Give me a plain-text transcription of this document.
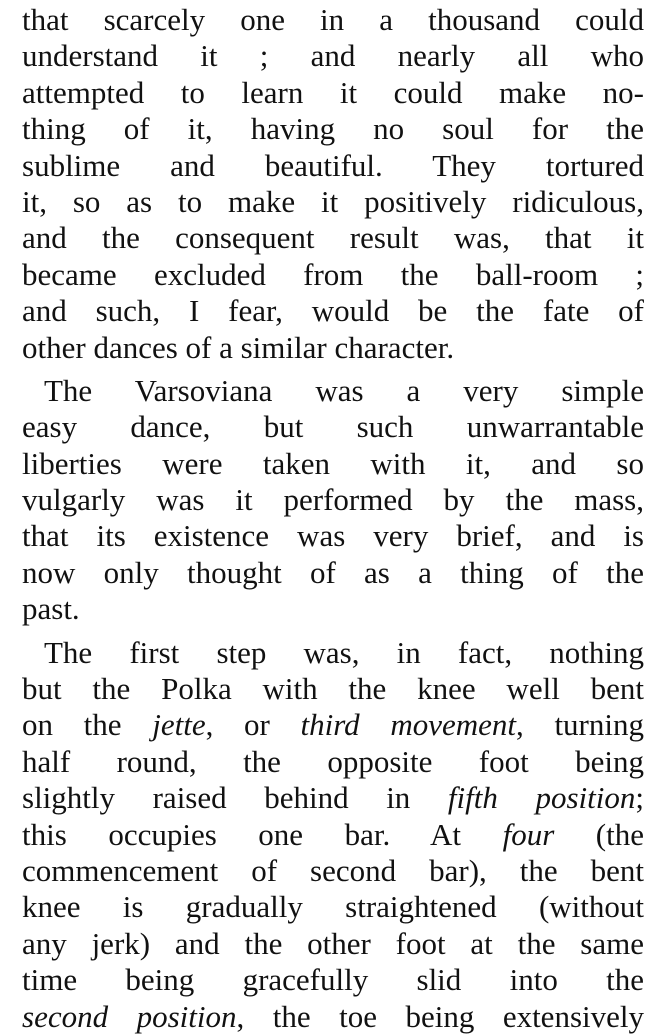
that scarcely one in a thousand could
understand it ; and nearly all who
attempted to learn it could make no-
thing of it, having no soul for the
sublime and beautiful. They tortured
it, so as to make it positively ridiculous,
and the consequent result was, that it
became excluded from the ball-room ;
and such, I fear, would be the fate of
other dances of a similar character.

The Varsoviana was a very simple
easy dance, but such unwarrantable
liberties were taken with it, and so
vulgarly was it performed by the mass,
that its existence was very brief, and is
now only thought of as a thing of the
past.

The first step was, in fact, nothing
but the Polka with the knee well bent
on the jette, or third movement, turning
half round, the opposite foot being
slightly raised behind in fifth position;
this occupies one bar. At four (the
commencement of second bar), the bent
knee is gradually straightened (without
any jerk) and the other foot at the same
time being gracefully slid into the
second position, the toe being extensively
